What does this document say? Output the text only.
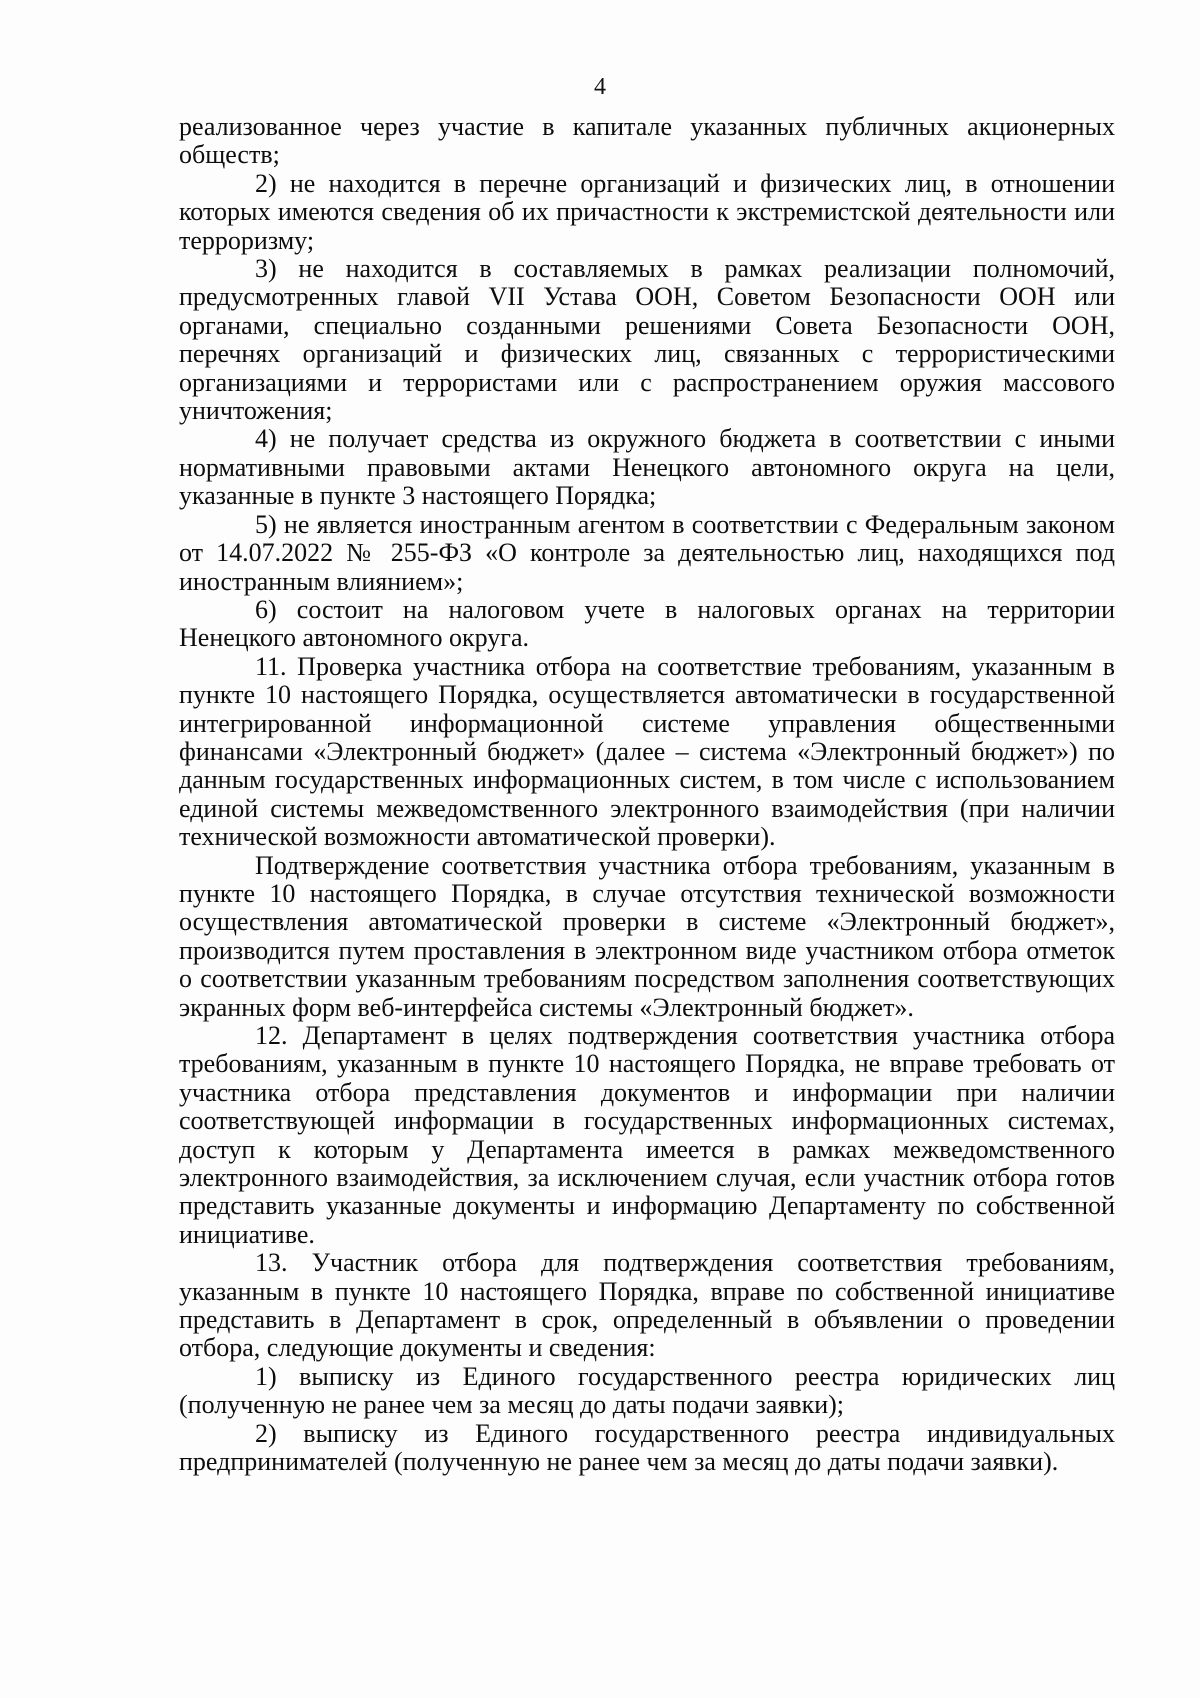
4

реализованное через участие в капитале указанных публичных акционерных обществ;

2) не находится в перечне организаций и физических лиц, в отношении которых имеются сведения об их причастности к экстремистской деятельности или терроризму;

3) не находится в составляемых в рамках реализации полномочий, предусмотренных главой VII Устава ООН, Советом Безопасности ООН или органами, специально созданными решениями Совета Безопасности ООН, перечнях организаций и физических лиц, связанных с террористическими организациями и террористами или с распространением оружия массового уничтожения;

4) не получает средства из окружного бюджета в соответствии с иными нормативными правовыми актами Ненецкого автономного округа на цели, указанные в пункте 3 настоящего Порядка;

5) не является иностранным агентом в соответствии с Федеральным законом от 14.07.2022 № 255-ФЗ «О контроле за деятельностью лиц, находящихся под иностранным влиянием»;

6) состоит на налоговом учете в налоговых органах на территории Ненецкого автономного округа.

11. Проверка участника отбора на соответствие требованиям, указанным в пункте 10 настоящего Порядка, осуществляется автоматически в государственной интегрированной информационной системе управления общественными финансами «Электронный бюджет» (далее – система «Электронный бюджет») по данным государственных информационных систем, в том числе с использованием единой системы межведомственного электронного взаимодействия (при наличии технической возможности автоматической проверки).

Подтверждение соответствия участника отбора требованиям, указанным в пункте 10 настоящего Порядка, в случае отсутствия технической возможности осуществления автоматической проверки в системе «Электронный бюджет», производится путем проставления в электронном виде участником отбора отметок о соответствии указанным требованиям посредством заполнения соответствующих экранных форм веб-интерфейса системы «Электронный бюджет».

12. Департамент в целях подтверждения соответствия участника отбора требованиям, указанным в пункте 10 настоящего Порядка, не вправе требовать от участника отбора представления документов и информации при наличии соответствующей информации в государственных информационных системах, доступ к которым у Департамента имеется в рамках межведомственного электронного взаимодействия, за исключением случая, если участник отбора готов представить указанные документы и информацию Департаменту по собственной инициативе.

13. Участник отбора для подтверждения соответствия требованиям, указанным в пункте 10 настоящего Порядка, вправе по собственной инициативе представить в Департамент в срок, определенный в объявлении о проведении отбора, следующие документы и сведения:

1) выписку из Единого государственного реестра юридических лиц (полученную не ранее чем за месяц до даты подачи заявки);

2) выписку из Единого государственного реестра индивидуальных предпринимателей (полученную не ранее чем за месяц до даты подачи заявки).
